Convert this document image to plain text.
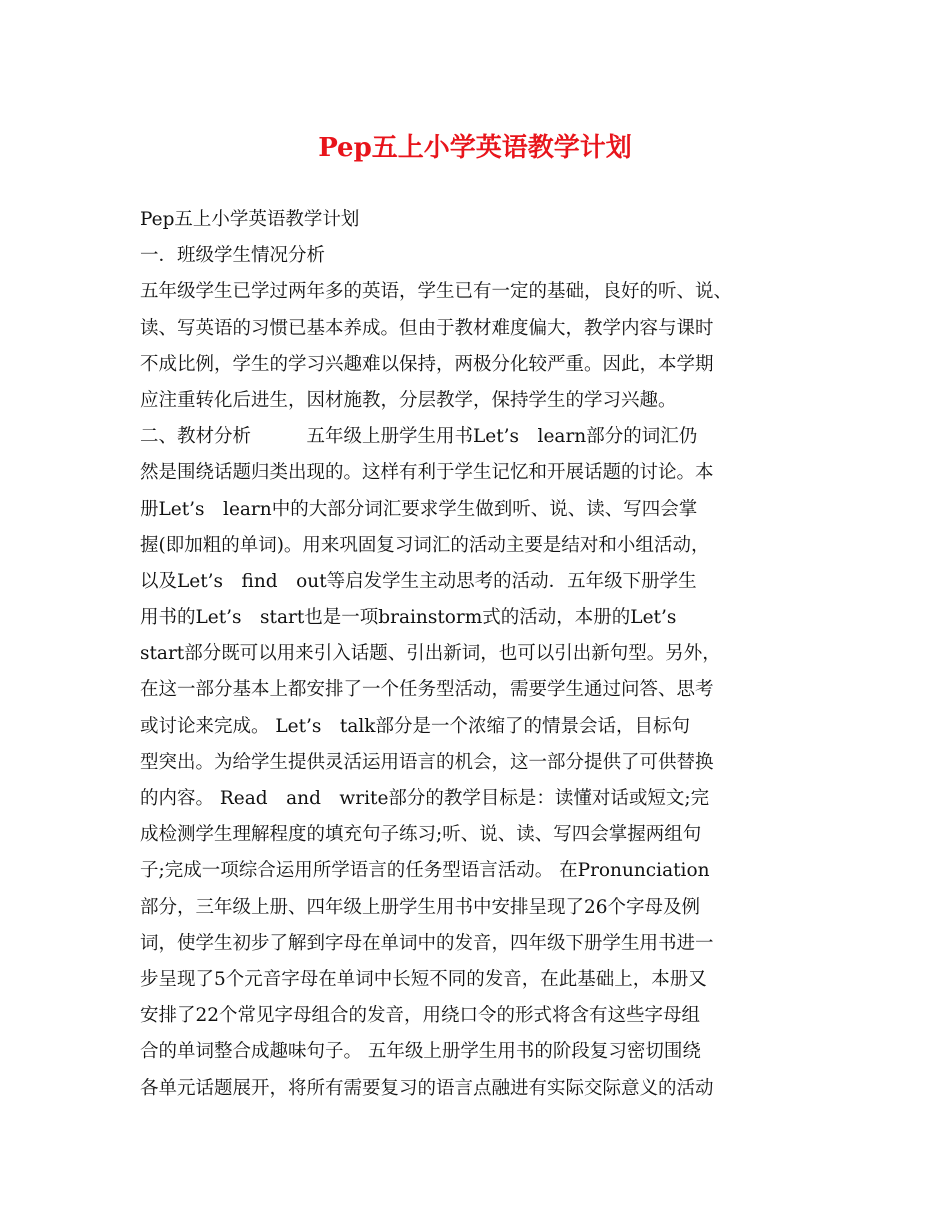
Pep五上小学英语教学计划
Pep五上小学英语教学计划
一．班级学生情况分析
五年级学生已学过两年多的英语，学生已有一定的基础，良好的听、说、
读、写英语的习惯已基本养成。但由于教材难度偏大，教学内容与课时
不成比例，学生的学习兴趣难以保持，两极分化较严重。因此，本学期
应注重转化后进生，因材施教，分层教学，保持学生的学习兴趣。
二、教材分析　　　五年级上册学生用书Let’s　learn部分的词汇仍
然是围绕话题归类出现的。这样有利于学生记忆和开展话题的讨论。本
册Let’s　learn中的大部分词汇要求学生做到听、说、读、写四会掌
握(即加粗的单词)。用来巩固复习词汇的活动主要是结对和小组活动，
以及Let’s　find　out等启发学生主动思考的活动．五年级下册学生
用书的Let’s　start也是一项brainstorm式的活动，本册的Let’s
start部分既可以用来引入话题、引出新词，也可以引出新句型。另外，
在这一部分基本上都安排了一个任务型活动，需要学生通过问答、思考
或讨论来完成。 Let’s　talk部分是一个浓缩了的情景会话，目标句
型突出。为给学生提供灵活运用语言的机会，这一部分提供了可供替换
的内容。 Read　and　write部分的教学目标是：读懂对话或短文;完
成检测学生理解程度的填充句子练习;听、说、读、写四会掌握两组句
子;完成一项综合运用所学语言的任务型语言活动。 在Pronunciation
部分，三年级上册、四年级上册学生用书中安排呈现了26个字母及例
词，使学生初步了解到字母在单词中的发音，四年级下册学生用书进一
步呈现了5个元音字母在单词中长短不同的发音，在此基础上，本册又
安排了22个常见字母组合的发音，用绕口令的形式将含有这些字母组
合的单词整合成趣味句子。 五年级上册学生用书的阶段复习密切围绕
各单元话题展开，将所有需要复习的语言点融进有实际交际意义的活动
